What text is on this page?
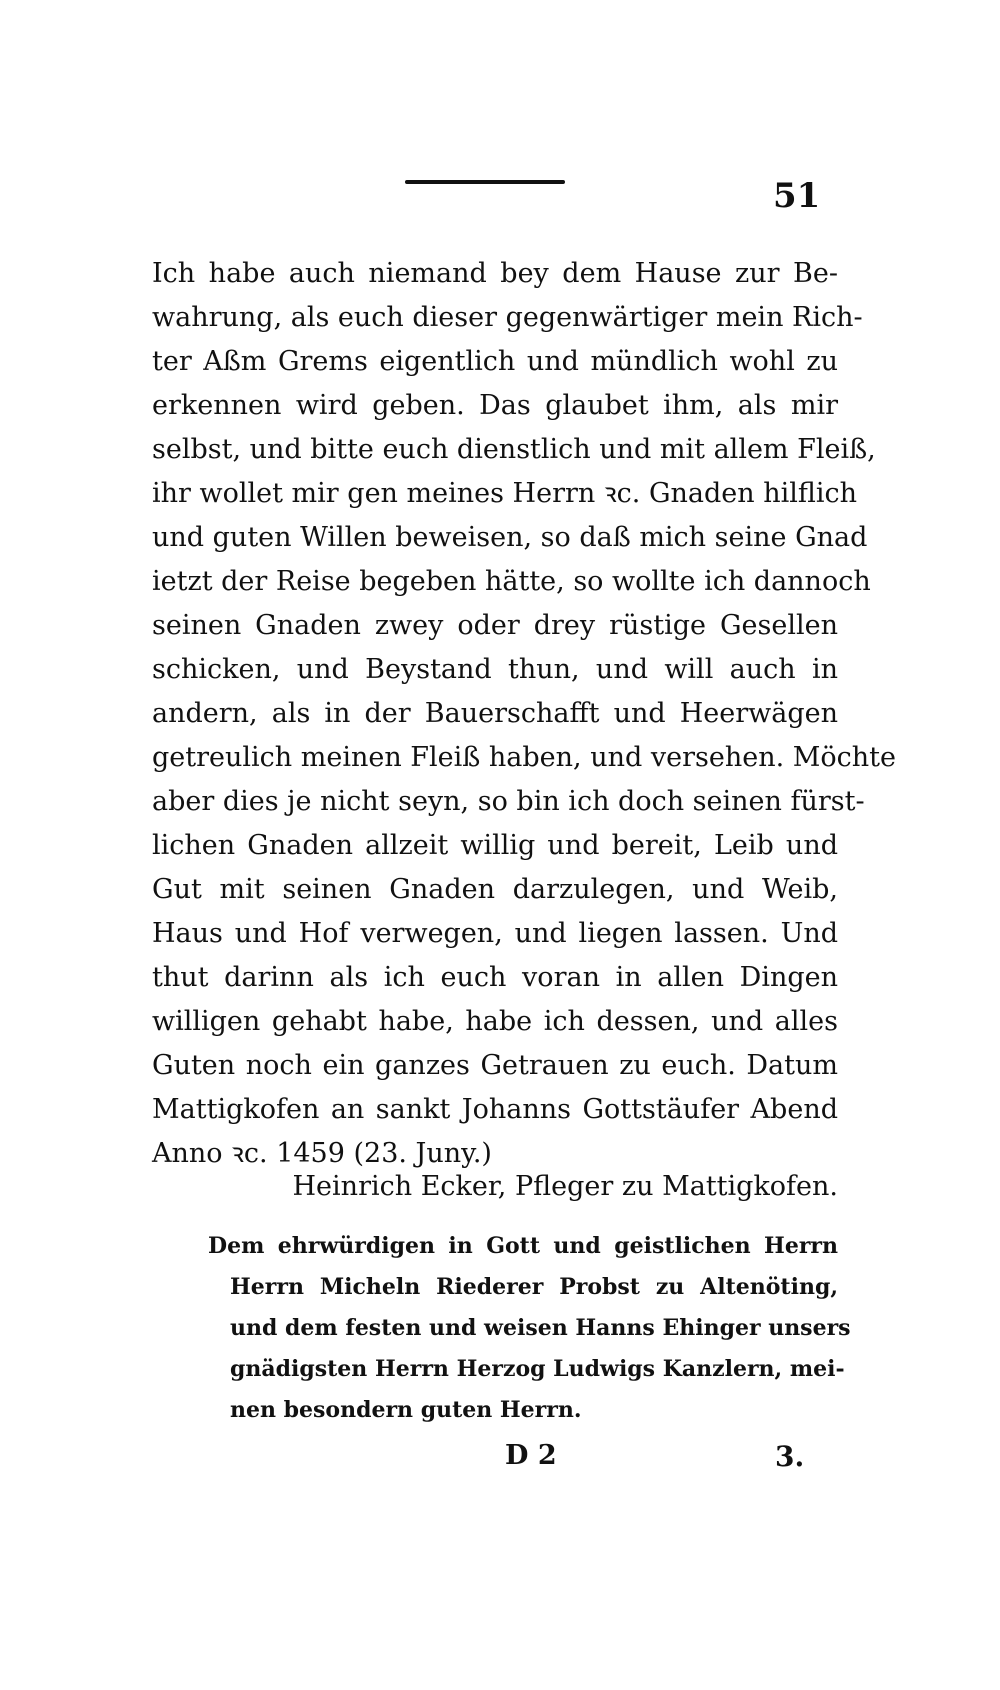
51
Ich habe auch niemand bey dem Hause zur Be-
wahrung, als euch dieser gegenwärtiger mein Rich-
ter Aßm Grems eigentlich und mündlich wohl zu
erkennen wird geben. Das glaubet ihm, als mir
selbst, und bitte euch dienstlich und mit allem Fleiß,
ihr wollet mir gen meines Herrn ꝛc. Gnaden hilflich
und guten Willen beweisen, so daß mich seine Gnad
ietzt der Reise begeben hätte, so wollte ich dannoch
seinen Gnaden zwey oder drey rüstige Gesellen
schicken, und Beystand thun, und will auch in
andern, als in der Bauerschafft und Heerwägen
getreulich meinen Fleiß haben, und versehen. Möchte
aber dies je nicht seyn, so bin ich doch seinen fürst-
lichen Gnaden allzeit willig und bereit, Leib und
Gut mit seinen Gnaden darzulegen, und Weib,
Haus und Hof verwegen, und liegen lassen. Und
thut darinn als ich euch voran in allen Dingen
willigen gehabt habe, habe ich dessen, und alles
Guten noch ein ganzes Getrauen zu euch. Datum
Mattigkofen an sankt Johanns Gottstäufer Abend
Anno ꝛc. 1459 (23. Juny.)
Heinrich Ecker, Pfleger zu Mattigkofen.
Dem ehrwürdigen in Gott und geistlichen Herrn
Herrn Micheln Riederer Probst zu Altenöting,
und dem festen und weisen Hanns Ehinger unsers
gnädigsten Herrn Herzog Ludwigs Kanzlern, mei-
nen besondern guten Herrn.
D 2	3.
